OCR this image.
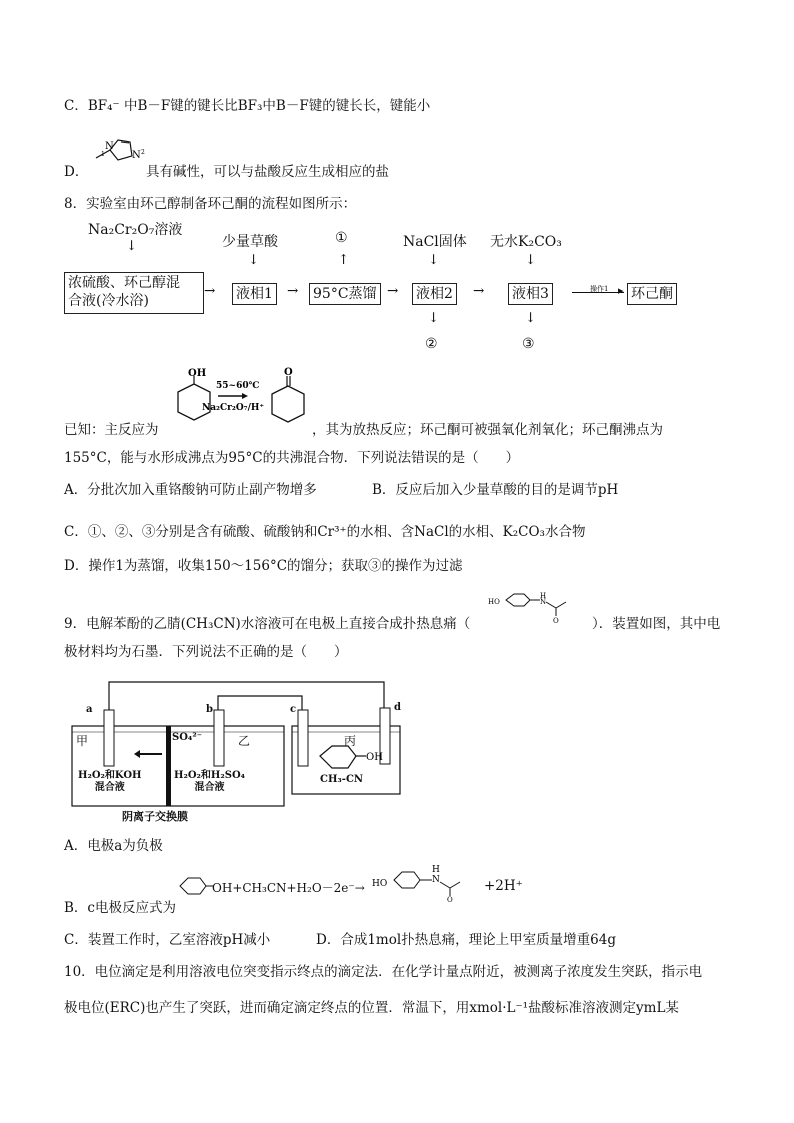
C．BF₄⁻ 中B－F键的键长比BF₃中B－F键的键长长，键能小
D．
N
N
1	2
具有碱性，可以与盐酸反应生成相应的盐
8．实验室由环己醇制备环己酮的流程如图所示：
Na₂Cr₂O₇溶液
↓	少量草酸
↓
①
↑
NaCl固体
↓
无水K₂CO₃
↓
浓硫酸、环己醇混
合液(冷水浴)
→ 液相1 → 95°C蒸馏 → 液相2 → 液相3	操作1 ▸ 环己酮
↓
②
↓
③
已知：主反应为
OH
55~60℃
Na₂Cr₂O₇/H⁺
O
，其为放热反应；环己酮可被强氧化剂氧化；环己酮沸点为
155°C，能与水形成沸点为95°C的共沸混合物．下列说法错误的是（　　）
A．分批次加入重铬酸钠可防止副产物增多	B．反应后加入少量草酸的目的是调节pH
C．①、②、③分别是含有硫酸、硫酸钠和Cr³⁺的水相、含NaCl的水相、K₂CO₃水合物
D．操作1为蒸馏，收集150～156°C的馏分；获取③的操作为过滤
9．电解苯酚的乙腈(CH₃CN)水溶液可在电极上直接合成扑热息痛（
HO
H
N
O ）．装置如图，其中电
极材料均为石墨．下列说法不正确的是（　　）
OH
a	b	c	d
甲	乙	丙
SO₄²⁻
H₂O₂和KOH
混合液
H₂O₂和H₂SO₄
混合液
CH₃-CN
阴离子交换膜
A．电极a为负极
B．c电极反应式为
OH+CH₃CN+H₂O－2e⁻→ HO
H
N
O
+2H⁺
C．装置工作时，乙室溶液pH减小	D．合成1mol扑热息痛，理论上甲室质量增重64g
10．电位滴定是利用溶液电位突变指示终点的滴定法．在化学计量点附近，被测离子浓度发生突跃，指示电
极电位(ERC)也产生了突跃，进而确定滴定终点的位置．常温下，用xmol·L⁻¹盐酸标准溶液测定ymL某
